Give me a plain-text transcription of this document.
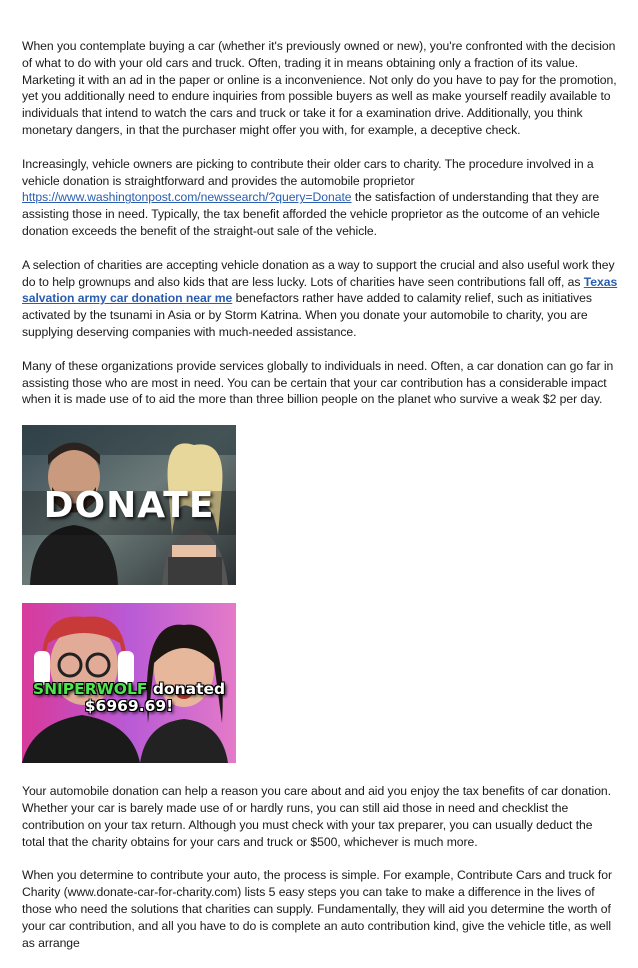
When you contemplate buying a car (whether it's previously owned or new), you're confronted with the decision of what to do with your old cars and truck. Often, trading it in means obtaining only a fraction of its value. Marketing it with an ad in the paper or online is a inconvenience. Not only do you have to pay for the promotion, yet you additionally need to endure inquiries from possible buyers as well as make yourself readily available to individuals that intend to watch the cars and truck or take it for a examination drive. Additionally, you think monetary dangers, in that the purchaser might offer you with, for example, a deceptive check.

Increasingly, vehicle owners are picking to contribute their older cars to charity. The procedure involved in a vehicle donation is straightforward and provides the automobile proprietor https://www.washingtonpost.com/newssearch/?query=Donate the satisfaction of understanding that they are assisting those in need. Typically, the tax benefit afforded the vehicle proprietor as the outcome of an vehicle donation exceeds the benefit of the straight-out sale of the vehicle.

A selection of charities are accepting vehicle donation as a way to support the crucial and also useful work they do to help grownups and also kids that are less lucky. Lots of charities have seen contributions fall off, as Texas salvation army car donation near me benefactors rather have added to calamity relief, such as initiatives activated by the tsunami in Asia or by Storm Katrina. When you donate your automobile to charity, you are supplying deserving companies with much-needed assistance.

Many of these organizations provide services globally to individuals in need. Often, a car donation can go far in assisting those who are most in need. You can be certain that your car contribution has a considerable impact when it is made use of to aid the more than three billion people on the planet who survive a weak $2 per day.

DONATE
SNIPERWOLF donated
$6969.69!

Your automobile donation can help a reason you care about and aid you enjoy the tax benefits of car donation. Whether your car is barely made use of or hardly runs, you can still aid those in need and checklist the contribution on your tax return. Although you must check with your tax preparer, you can usually deduct the total that the charity obtains for your cars and truck or $500, whichever is much more.

When you determine to contribute your auto, the process is simple. For example, Contribute Cars and truck for Charity (www.donate-car-for-charity.com) lists 5 easy steps you can take to make a difference in the lives of those who need the solutions that charities can supply. Fundamentally, they will aid you determine the worth of your car contribution, and all you have to do is complete an auto contribution kind, give the vehicle title, as well as arrange
